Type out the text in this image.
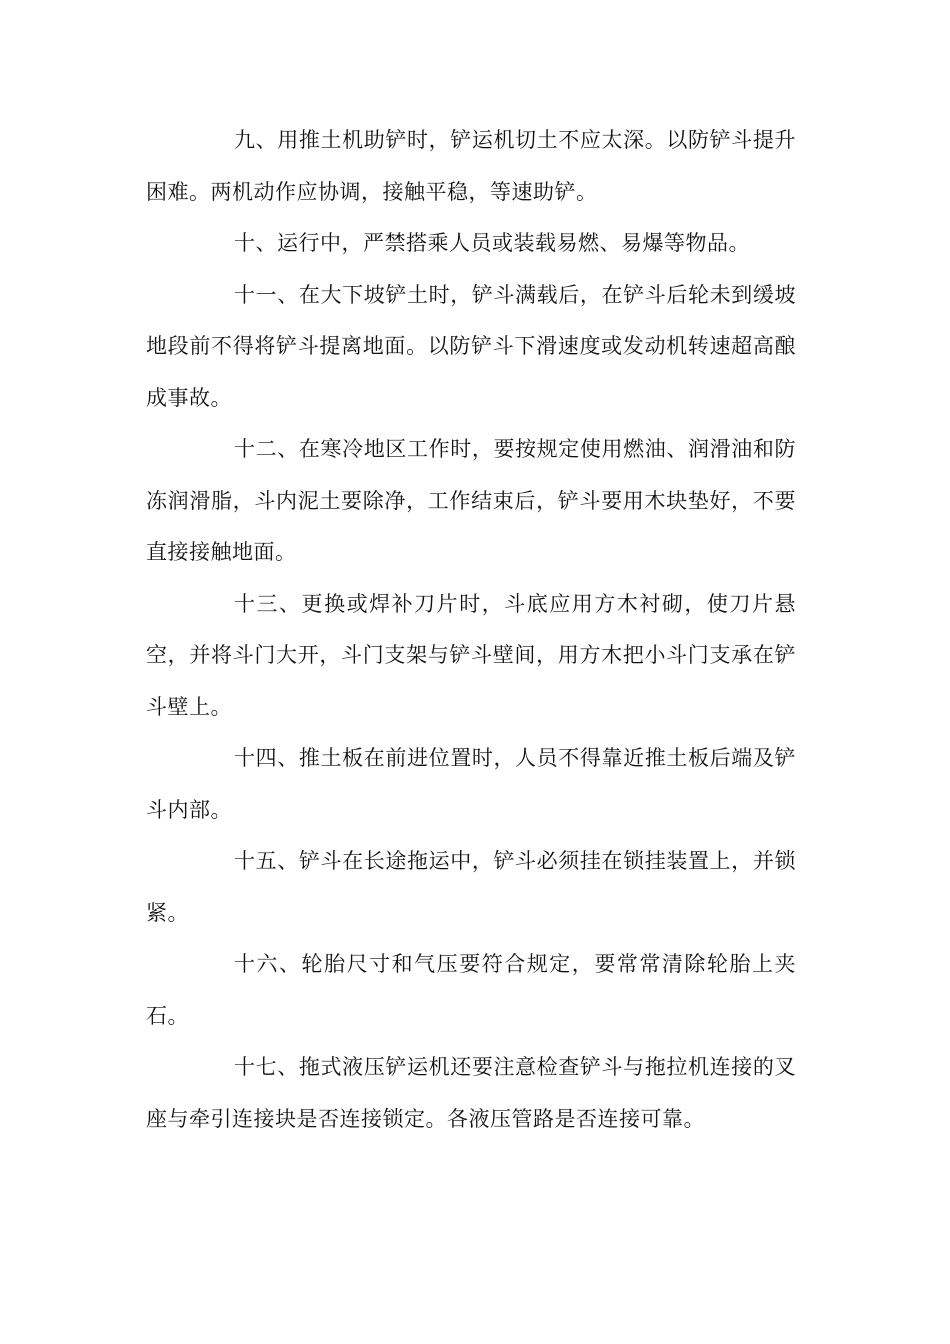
九、用推土机助铲时，铲运机切土不应太深。以防铲斗提升困难。两机动作应协调，接触平稳，等速助铲。

十、运行中，严禁搭乘人员或装载易燃、易爆等物品。

十一、在大下坡铲土时，铲斗满载后，在铲斗后轮未到缓坡地段前不得将铲斗提离地面。以防铲斗下滑速度或发动机转速超高酿成事故。

十二、在寒冷地区工作时，要按规定使用燃油、润滑油和防冻润滑脂，斗内泥土要除净，工作结束后，铲斗要用木块垫好，不要直接接触地面。

十三、更换或焊补刀片时，斗底应用方木衬砌，使刀片悬空，并将斗门大开，斗门支架与铲斗壁间，用方木把小斗门支承在铲斗壁上。

十四、推土板在前进位置时，人员不得靠近推土板后端及铲斗内部。

十五、铲斗在长途拖运中，铲斗必须挂在锁挂装置上，并锁紧。

十六、轮胎尺寸和气压要符合规定，要常常清除轮胎上夹石。

十七、拖式液压铲运机还要注意检查铲斗与拖拉机连接的叉座与牵引连接块是否连接锁定。各液压管路是否连接可靠。
